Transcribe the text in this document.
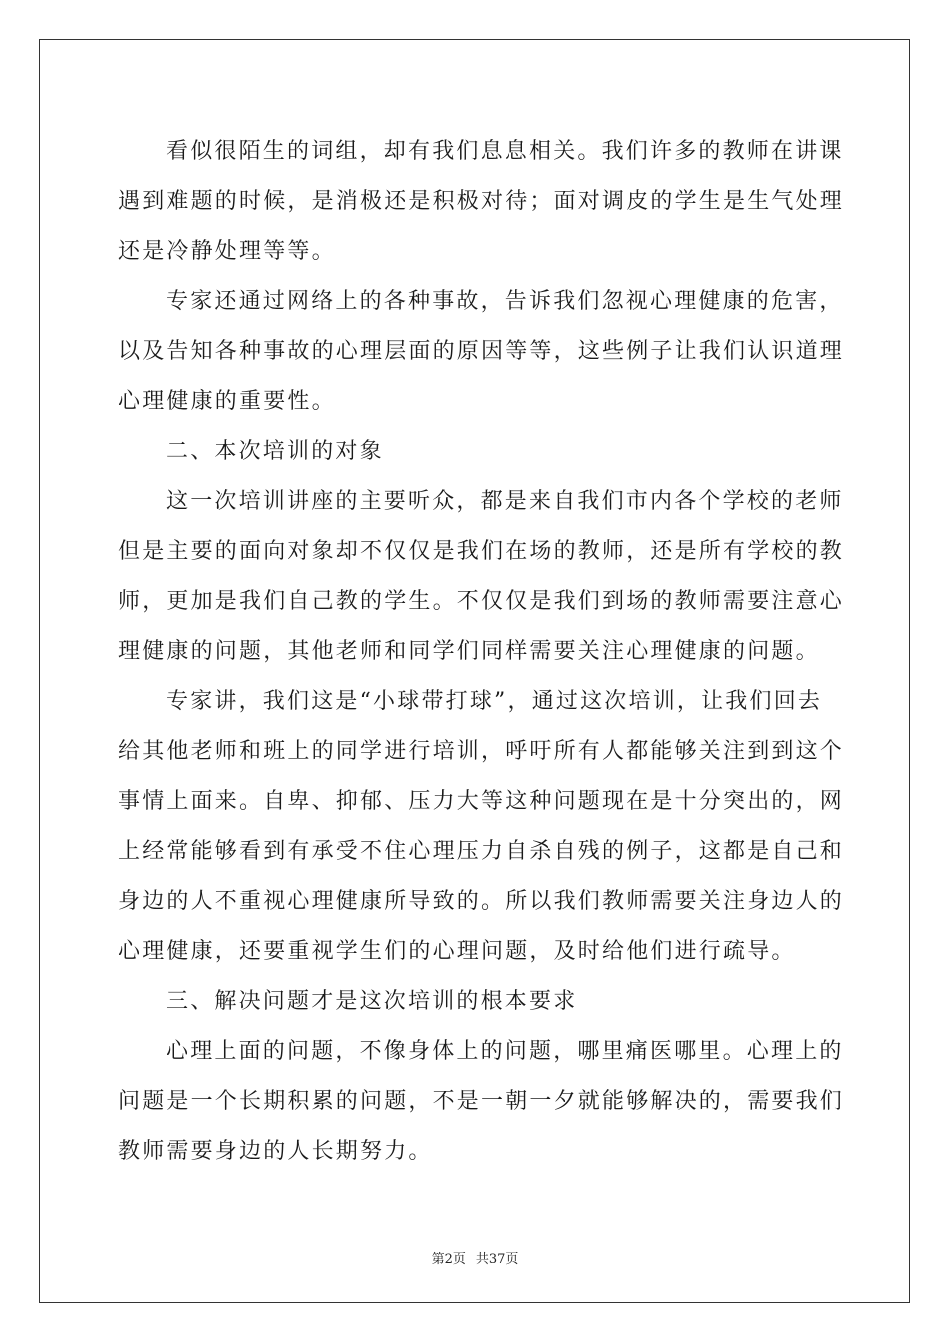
看似很陌生的词组，却有我们息息相关。我们许多的教师在讲课
遇到难题的时候，是消极还是积极对待；面对调皮的学生是生气处理
还是冷静处理等等。
专家还通过网络上的各种事故，告诉我们忽视心理健康的危害，
以及告知各种事故的心理层面的原因等等，这些例子让我们认识道理
心理健康的重要性。
二、本次培训的对象
这一次培训讲座的主要听众，都是来自我们市内各个学校的老师
但是主要的面向对象却不仅仅是我们在场的教师，还是所有学校的教
师，更加是我们自己教的学生。不仅仅是我们到场的教师需要注意心
理健康的问题，其他老师和同学们同样需要关注心理健康的问题。
专家讲，我们这是“小球带打球”，通过这次培训，让我们回去
给其他老师和班上的同学进行培训，呼吁所有人都能够关注到到这个
事情上面来。自卑、抑郁、压力大等这种问题现在是十分突出的，网
上经常能够看到有承受不住心理压力自杀自残的例子，这都是自己和
身边的人不重视心理健康所导致的。所以我们教师需要关注身边人的
心理健康，还要重视学生们的心理问题，及时给他们进行疏导。
三、解决问题才是这次培训的根本要求
心理上面的问题，不像身体上的问题，哪里痛医哪里。心理上的
问题是一个长期积累的问题，不是一朝一夕就能够解决的，需要我们
教师需要身边的人长期努力。
第2页 共37页
